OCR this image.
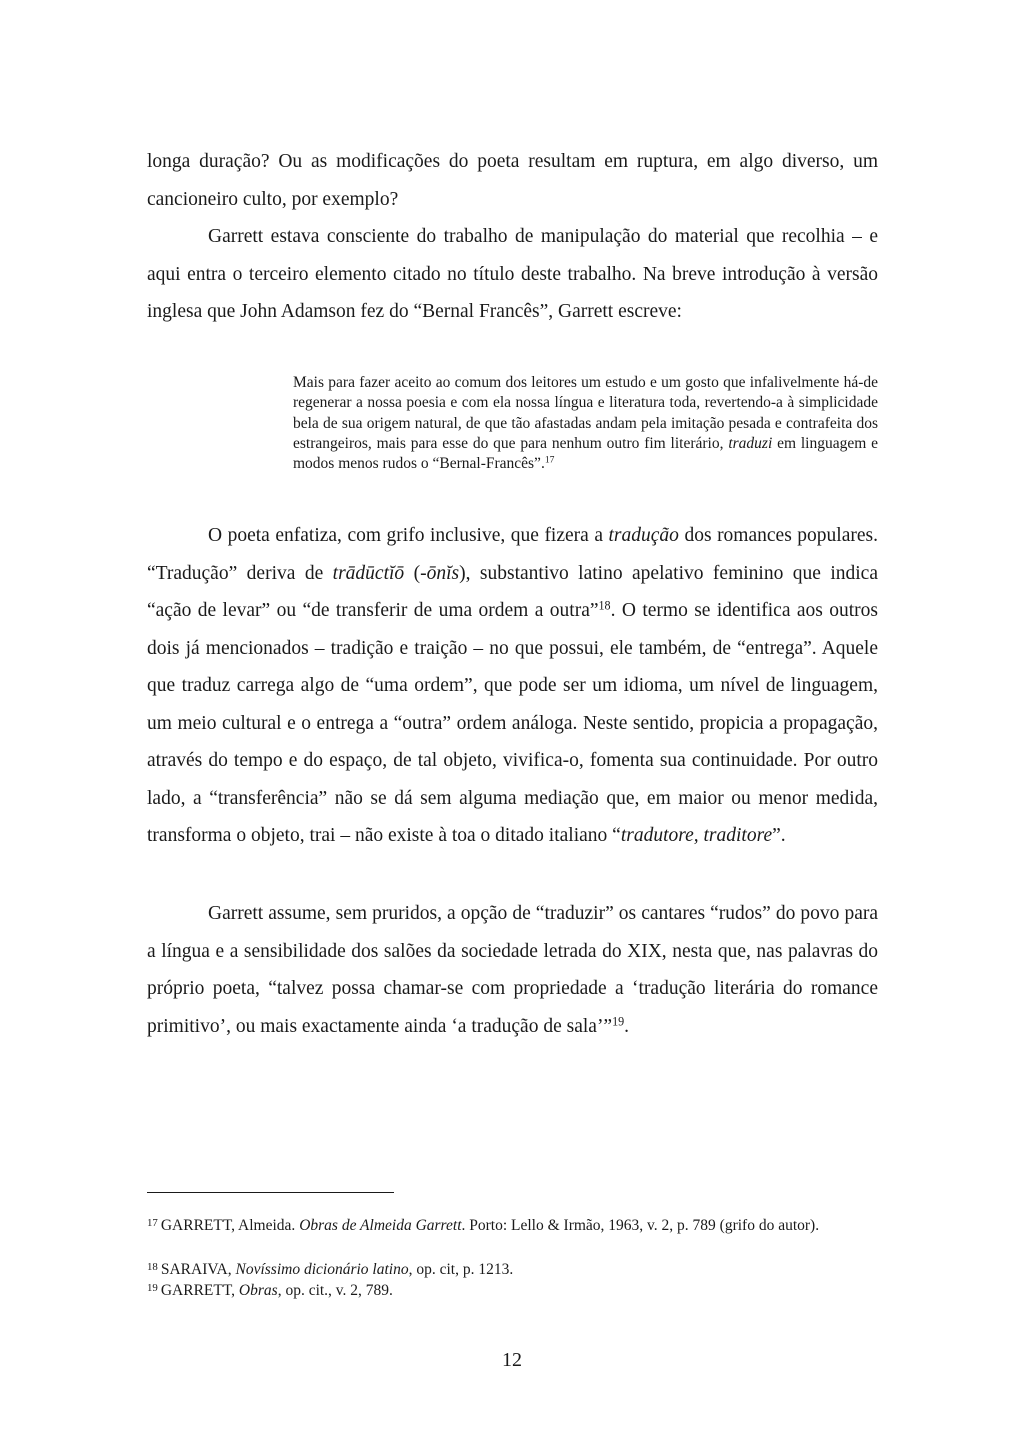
longa duração? Ou as modificações do poeta resultam em ruptura, em algo diverso, um cancioneiro culto, por exemplo?

Garrett estava consciente do trabalho de manipulação do material que recolhia – e aqui entra o terceiro elemento citado no título deste trabalho. Na breve introdução à versão inglesa que John Adamson fez do “Bernal Francês”, Garrett escreve:

Mais para fazer aceito ao comum dos leitores um estudo e um gosto que infalivelmente há-de regenerar a nossa poesia e com ela nossa língua e literatura toda, revertendo-a à simplicidade bela de sua origem natural, de que tão afastadas andam pela imitação pesada e contrafeita dos estrangeiros, mais para esse do que para nenhum outro fim literário, traduzi em linguagem e modos menos rudos o “Bernal-Francês”.$^{17}$

O poeta enfatiza, com grifo inclusive, que fizera a tradução dos romances populares. “Tradução” deriva de trādūctĭō (-ōnĭs), substantivo latino apelativo feminino que indica “ação de levar” ou “de transferir de uma ordem a outra”$^{18}$. O termo se identifica aos outros dois já mencionados – tradição e traição – no que possui, ele também, de “entrega”. Aquele que traduz carrega algo de “uma ordem”, que pode ser um idioma, um nível de linguagem, um meio cultural e o entrega a “outra” ordem análoga. Neste sentido, propicia a propagação, através do tempo e do espaço, de tal objeto, vivifica-o, fomenta sua continuidade. Por outro lado, a “transferência” não se dá sem alguma mediação que, em maior ou menor medida, transforma o objeto, trai – não existe à toa o ditado italiano “tradutore, traditore”.

Garrett assume, sem pruridos, a opção de “traduzir” os cantares “rudos” do povo para a língua e a sensibilidade dos salões da sociedade letrada do XIX, nesta que, nas palavras do próprio poeta, “talvez possa chamar-se com propriedade a ‘tradução literária do romance primitivo’, ou mais exactamente ainda ‘a tradução de sala’”$^{19}$.

$^{17}$ GARRETT, Almeida. Obras de Almeida Garrett. Porto: Lello & Irmão, 1963, v. 2, p. 789 (grifo do autor).

$^{18}$ SARAIVA, Novíssimo dicionário latino, op. cit, p. 1213.

$^{19}$ GARRETT, Obras, op. cit., v. 2, 789.

12
